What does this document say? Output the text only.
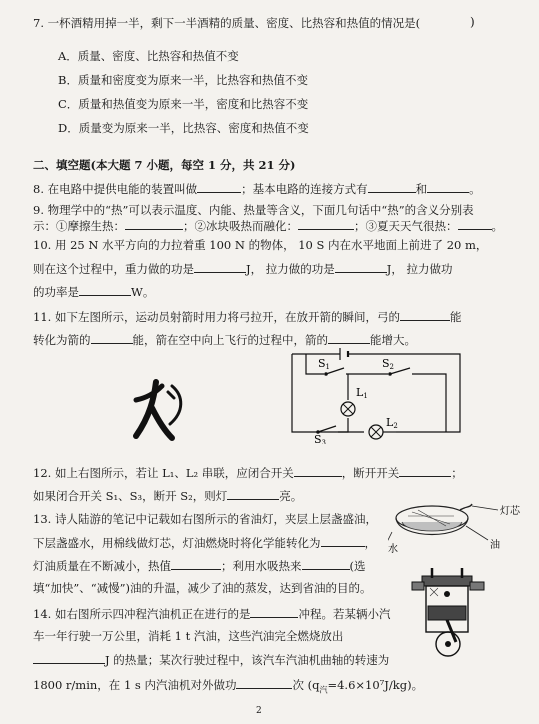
7. 一杯酒精用掉一半，剩下一半酒精的质量、密度、比热容和热值的情况是(	)
A．质量、密度、比热容和热值不变
B．质量和密度变为原来一半，比热容和热值不变
C．质量和热值变为原来一半，密度和比热容不变
D．质量变为原来一半，比热容、密度和热值不变
二、填空题(本大题 7 小题，每空 1 分，共 21 分)
8. 在电路中提供电能的装置叫做	；基本电路的连接方式有	和	。
9. 物理学中的“热”可以表示温度、内能、热量等含义，下面几句话中“热”的含义分别表
示：①摩擦生热：	；②冰块吸热而融化：	；③夏天天气很热：	。
10. 用 25 N 水平方向的力拉着重 100 N 的物体， 10 S 内在水平地面上前进了 20 m，
则在这个过程中，重力做的功是	J， 拉力做的功是	J， 拉力做功
的功率是	W。
11. 如下左图所示，运动员射箭时用力将弓拉开，在放开箭的瞬间，弓的	能
转化为箭的	能，箭在空中向上飞行的过程中，箭的	能增大。
S1	S2
L1
L2
S3
12. 如上右图所示，若让 L₁、L₂ 串联，应闭合开关	，断开开关	；
如果闭合开关 S₁、S₃，断开 S₂，则灯	亮。
13. 诗人陆游的笔记中记载如右图所示的省油灯，夹层上层盏盛油，
下层盏盛水，用棉线做灯芯，灯油燃烧时将化学能转化为	，
灯油质量在不断减小，热值	；利用水吸热来	(选
填“加快”、“减慢”)油的升温，减少了油的蒸发，达到省油的目的。
灯芯
油
水
14. 如右图所示四冲程汽油机正在进行的是	冲程。若某辆小汽
车一年行驶一万公里，消耗 1 t 汽油，这些汽油完全燃烧放出
J 的热量；某次行驶过程中，该汽车汽油机曲轴的转速为
1800 r/min，在 1 s 内汽油机对外做功	次 $(q_汽=4.6\times 10^7J/kg)$。
2
